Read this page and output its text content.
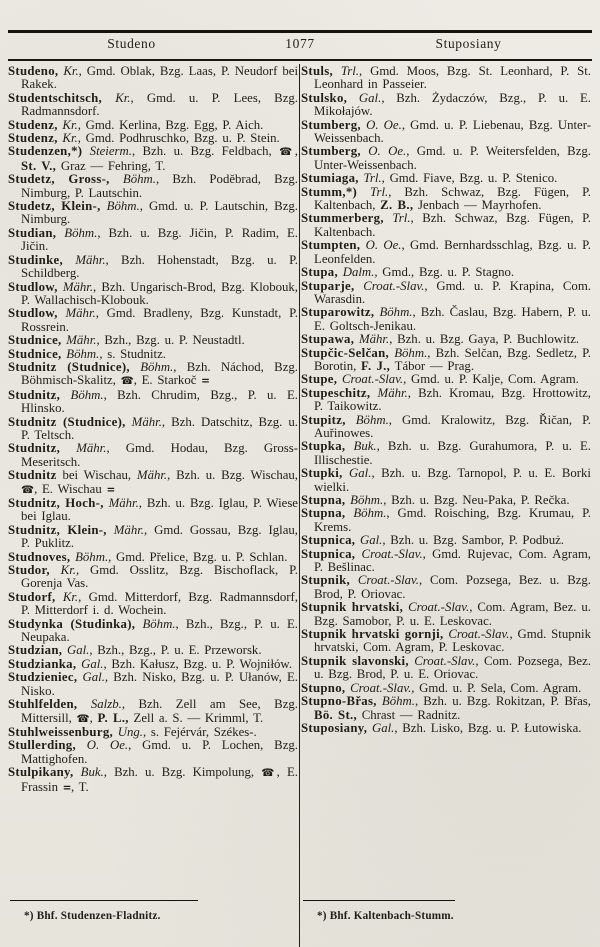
Studeno	1077	Stuposiany

Studeno, Kr., Gmd. Oblak, Bzg. Laas, P. Neudorf bei Rakek.

Studentschitsch, Kr., Gmd. u. P. Lees, Bzg. Radmannsdorf.

Studenz, Kr., Gmd. Kerlina, Bzg. Egg, P. Aich.

Studenz, Kr., Gmd. Podhruschko, Bzg. u. P. Stein.

Studenzen,*) Steierm., Bzh. u. Bzg. Feldbach, ☎, St. V., Graz — Fehring, T.

Studetz, Gross-, Böhm., Bzh. Poděbrad, Bzg. Nimburg, P. Lautschin.

Studetz, Klein-, Böhm., Gmd. u. P. Lautschin, Bzg. Nimburg.

Studian, Böhm., Bzh. u. Bzg. Jičin, P. Radim, E. Jičin.

Studinke, Mähr., Bzh. Hohenstadt, Bzg. u. P. Schildberg.

Studlow, Mähr., Bzh. Ungarisch-Brod, Bzg. Klobouk, P. Wallachisch-Klobouk.

Studlow, Mähr., Gmd. Bradleny, Bzg. Kunstadt, P. Rossrein.

Studnice, Mähr., Bzh., Bzg. u. P. Neustadtl.

Studnice, Böhm., s. Studnitz.

Studnitz (Studnice), Böhm., Bzh. Náchod, Bzg. Böhmisch-Skalitz, ☎, E. Starkoč =

Studnitz, Böhm., Bzh. Chrudim, Bzg., P. u. E. Hlinsko.

Studnitz (Studnice), Mähr., Bzh. Datschitz, Bzg. u. P. Teltsch.

Studnitz, Mähr., Gmd. Hodau, Bzg. Gross-Meseritsch.

Studnitz bei Wischau, Mähr., Bzh. u. Bzg. Wischau, ☎, E. Wischau =

Studnitz, Hoch-, Mähr., Bzh. u. Bzg. Iglau, P. Wiese bei Iglau.

Studnitz, Klein-, Mähr., Gmd. Gossau, Bzg. Iglau, P. Puklitz.

Studnoves, Böhm., Gmd. Přelice, Bzg. u. P. Schlan.

Studor, Kr., Gmd. Osslitz, Bzg. Bischoflack, P. Gorenja Vas.

Studorf, Kr., Gmd. Mitterdorf, Bzg. Radmannsdorf, P. Mitterdorf i. d. Wochein.

Studynka (Studinka), Böhm., Bzh., Bzg., P. u. E. Neupaka.

Studzian, Gal., Bzh., Bzg., P. u. E. Przeworsk.

Studzianka, Gal., Bzh. Kałusz, Bzg. u. P. Wojniłów.

Studzieniec, Gal., Bzh. Nisko, Bzg. u. P. Ułanów, E. Nisko.

Stuhlfelden, Salzb., Bzh. Zell am See, Bzg. Mittersill, ☎, P. L., Zell a. S. — Krimml, T.

Stuhlweissenburg, Ung., s. Fejérvár, Székes-.

Stullerding, O. Oe., Gmd. u. P. Lochen, Bzg. Mattighofen.

Stulpikany, Buk., Bzh. u. Bzg. Kimpolung, ☎, E. Frassin =, T.

*) Bhf. Studenzen-Fladnitz.

Stuls, Trl., Gmd. Moos, Bzg. St. Leonhard, P. St. Leonhard in Passeier.

Stulsko, Gal., Bzh. Żydaczów, Bzg., P. u. E. Mikołajów.

Stumberg, O. Oe., Gmd. u. P. Liebenau, Bzg. Unter-Weissenbach.

Stumberg, O. Oe., Gmd. u. P. Weitersfelden, Bzg. Unter-Weissenbach.

Stumiaga, Trl., Gmd. Fiave, Bzg. u. P. Stenico.

Stumm,*) Trl., Bzh. Schwaz, Bzg. Fügen, P. Kaltenbach, Z. B., Jenbach — Mayrhofen.

Stummerberg, Trl., Bzh. Schwaz, Bzg. Fügen, P. Kaltenbach.

Stumpten, O. Oe., Gmd. Bernhardsschlag, Bzg. u. P. Leonfelden.

Stupa, Dalm., Gmd., Bzg. u. P. Stagno.

Stuparje, Croat.-Slav., Gmd. u. P. Krapina, Com. Warasdin.

Stuparowitz, Böhm., Bzh. Časlau, Bzg. Habern, P. u. E. Goltsch-Jenikau.

Stupawa, Mähr., Bzh. u. Bzg. Gaya, P. Buchlowitz.

Stupčic-Selčan, Böhm., Bzh. Selčan, Bzg. Sedletz, P. Borotin, F. J., Tábor — Prag.

Stupe, Croat.-Slav., Gmd. u. P. Kalje, Com. Agram.

Stupeschitz, Mähr., Bzh. Kromau, Bzg. Hrottowitz, P. Taikowitz.

Stupitz, Böhm., Gmd. Kralowitz, Bzg. Řičan, P. Auřinowes.

Stupka, Buk., Bzh. u. Bzg. Gurahumora, P. u. E. Illischestie.

Stupki, Gal., Bzh. u. Bzg. Tarnopol, P. u. E. Borki wielki.

Stupna, Böhm., Bzh. u. Bzg. Neu-Paka, P. Rečka.

Stupna, Böhm., Gmd. Roisching, Bzg. Krumau, P. Krems.

Stupnica, Gal., Bzh. u. Bzg. Sambor, P. Podbuż.

Stupnica, Croat.-Slav., Gmd. Rujevac, Com. Agram, P. Bešlinac.

Stupnik, Croat.-Slav., Com. Pozsega, Bez. u. Bzg. Brod, P. Oriovac.

Stupnik hrvatski, Croat.-Slav., Com. Agram, Bez. u. Bzg. Samobor, P. u. E. Leskovac.

Stupnik hrvatski gornji, Croat.-Slav., Gmd. Stupnik hrvatski, Com. Agram, P. Leskovac.

Stupnik slavonski, Croat.-Slav., Com. Pozsega, Bez. u. Bzg. Brod, P. u. E. Oriovac.

Stupno, Croat.-Slav., Gmd. u. P. Sela, Com. Agram.

Stupno-Břas, Böhm., Bzh. u. Bzg. Rokitzan, P. Břas, Bö. St., Chrast — Radnitz.

Stuposiany, Gal., Bzh. Lisko, Bzg. u. P. Łutowiska.

*) Bhf. Kaltenbach-Stumm.
